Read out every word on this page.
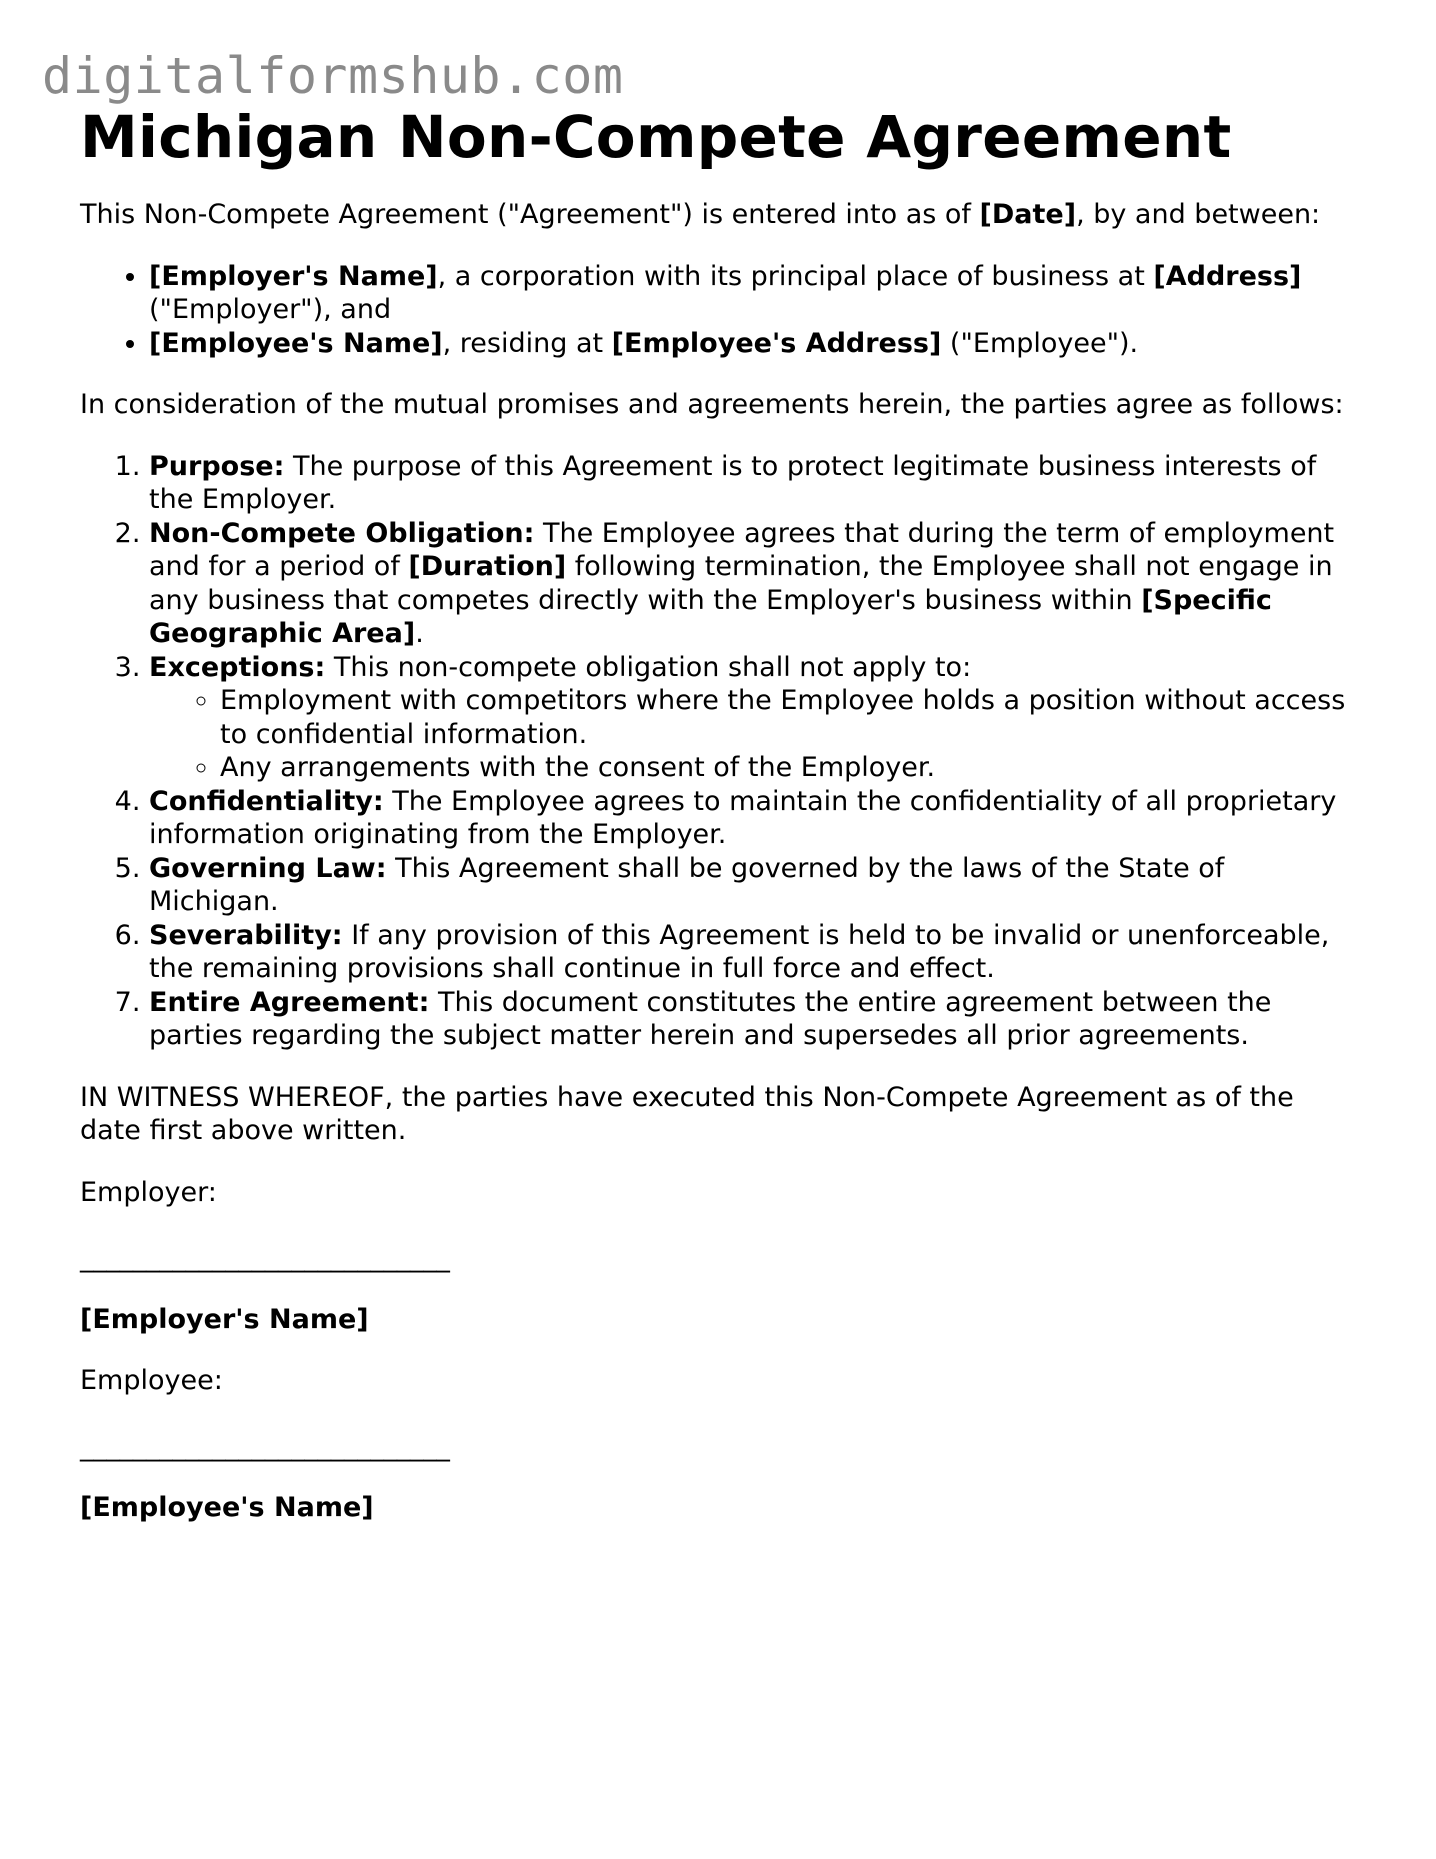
digitalformshub.com
Michigan Non-Compete Agreement

This Non-Compete Agreement ("Agreement") is entered into as of [Date], by and between:

• [Employer's Name], a corporation with its principal place of business at [Address] ("Employer"), and
• [Employee's Name], residing at [Employee's Address] ("Employee").

In consideration of the mutual promises and agreements herein, the parties agree as follows:

1. Purpose: The purpose of this Agreement is to protect legitimate business interests of the Employer.
2. Non-Compete Obligation: The Employee agrees that during the term of employment and for a period of [Duration] following termination, the Employee shall not engage in any business that competes directly with the Employer's business within [Specific Geographic Area].
3. Exceptions: This non-compete obligation shall not apply to:
◦ Employment with competitors where the Employee holds a position without access to confidential information.
◦ Any arrangements with the consent of the Employer.
4. Confidentiality: The Employee agrees to maintain the confidentiality of all proprietary information originating from the Employer.
5. Governing Law: This Agreement shall be governed by the laws of the State of Michigan.
6. Severability: If any provision of this Agreement is held to be invalid or unenforceable, the remaining provisions shall continue in full force and effect.
7. Entire Agreement: This document constitutes the entire agreement between the parties regarding the subject matter herein and supersedes all prior agreements.

IN WITNESS WHEREOF, the parties have executed this Non-Compete Agreement as of the date first above written.

Employer:

____________________________

[Employer's Name]

Employee:

____________________________

[Employee's Name]
